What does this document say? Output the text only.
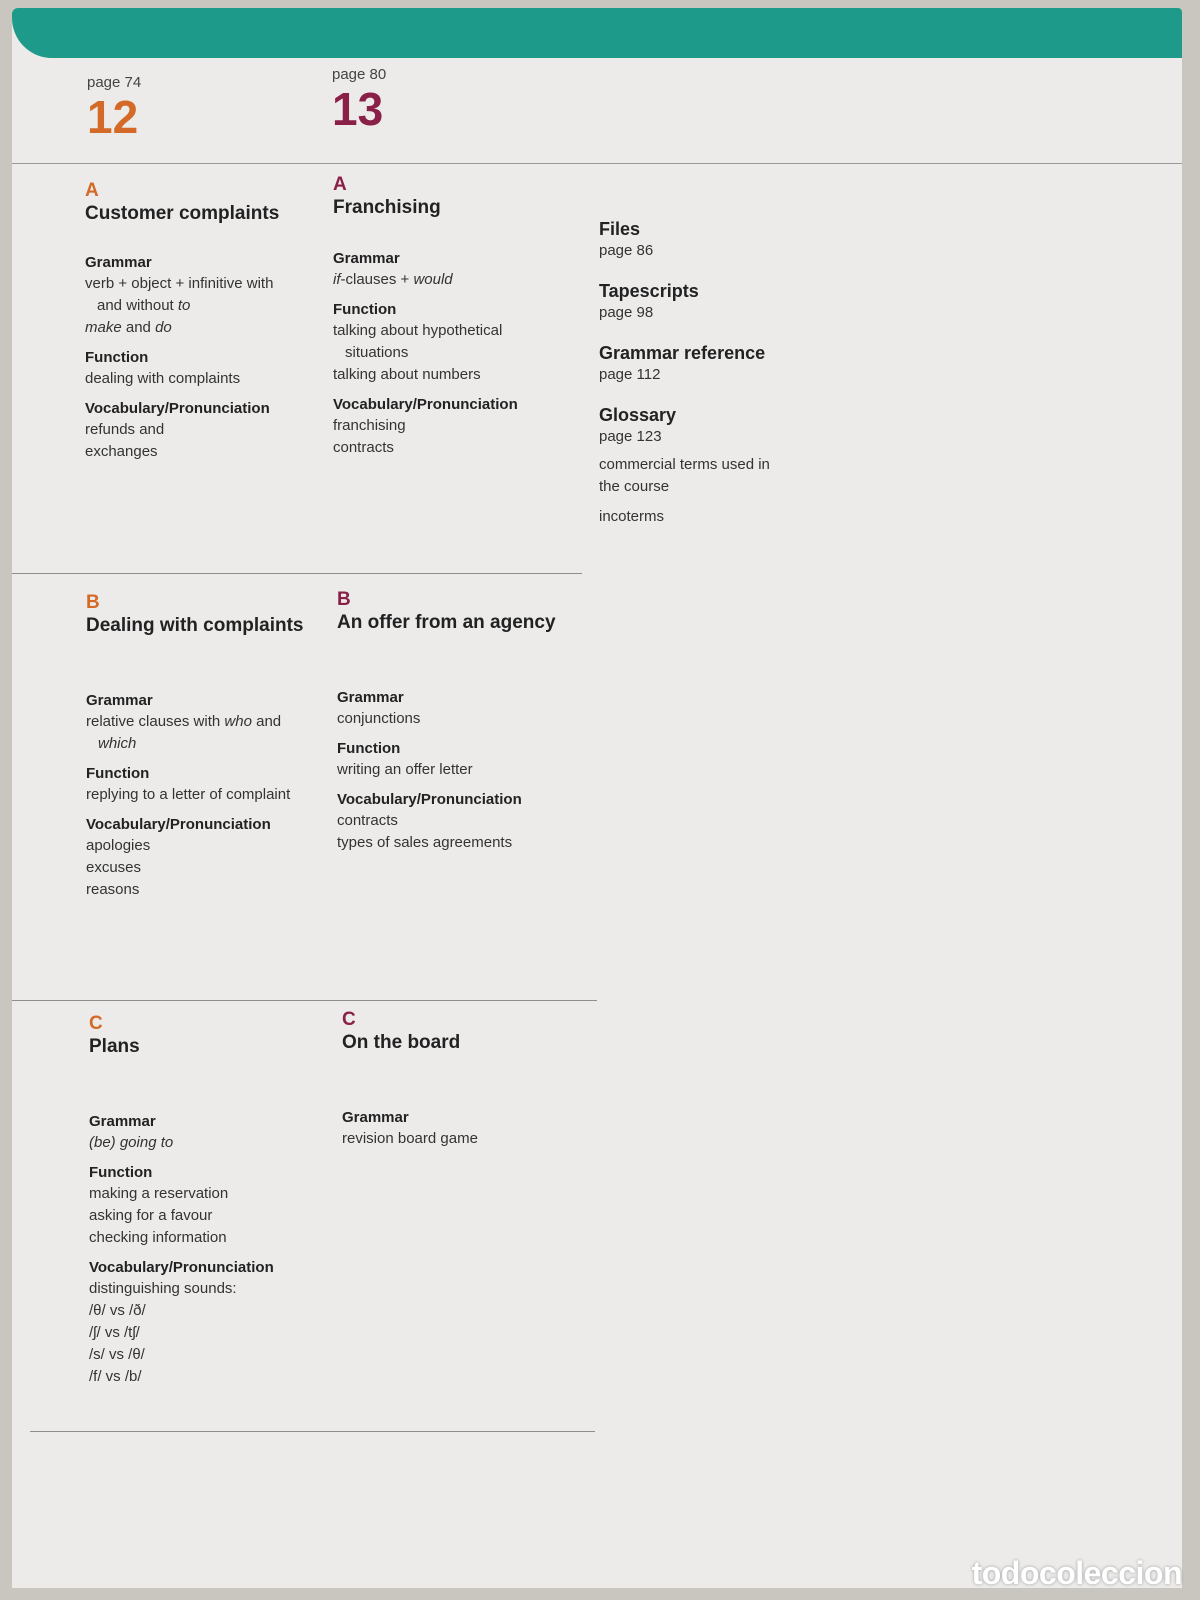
page 74
12
page 80
13
A
Customer complaints
Grammar
verb + object + infinitive with
and without to
make and do
Function
dealing with complaints
Vocabulary/Pronunciation
refunds and
exchanges
A
Franchising
Grammar
if-clauses + would
Function
talking about hypothetical
situations
talking about numbers
Vocabulary/Pronunciation
franchising
contracts
Files
page 86
Tapescripts
page 98
Grammar reference
page 112
Glossary
page 123
commercial terms used in
the course
incoterms
B
Dealing with complaints
Grammar
relative clauses with who and
which
Function
replying to a letter of complaint
Vocabulary/Pronunciation
apologies
excuses
reasons
B
An offer from an agency
Grammar
conjunctions
Function
writing an offer letter
Vocabulary/Pronunciation
contracts
types of sales agreements
C
Plans
Grammar
(be) going to
Function
making a reservation
asking for a favour
checking information
Vocabulary/Pronunciation
distinguishing sounds:
/θ/ vs /ð/
/ʃ/ vs /tʃ/
/s/ vs /θ/
/f/ vs /b/
C
On the board
Grammar
revision board game
todocoleccion
